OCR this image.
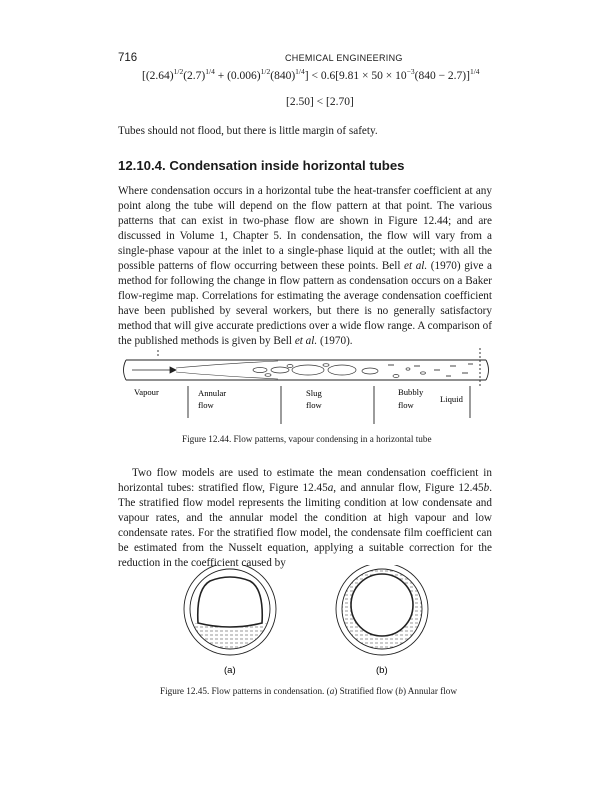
716	CHEMICAL ENGINEERING
$[(2.64)^{1/2}(2.7)^{1/4} + (0.006)^{1/2}(840)^{1/4}] < 0.6[9.81 \times 50 \times 10^{-3}(840 - 2.7)]^{1/4}$
[2.50] < [2.70]
Tubes should not flood, but there is little margin of safety.
12.10.4. Condensation inside horizontal tubes
Where condensation occurs in a horizontal tube the heat-transfer coefficient at any point along the tube will depend on the flow pattern at that point. The various patterns that can exist in two-phase flow are shown in Figure 12.44; and are discussed in Volume 1, Chapter 5. In condensation, the flow will vary from a single-phase vapour at the inlet to a single-phase liquid at the outlet; with all the possible patterns of flow occurring between these points. Bell et al. (1970) give a method for following the change in flow pattern as condensation occurs on a Baker flow-regime map. Correlations for estimating the average condensation coefficient have been published by several workers, but there is no generally satisfactory method that will give accurate predictions over a wide flow range. A comparison of the published methods is given by Bell et al. (1970).
Vapour	Annular
flow
Slug
flow
Bubbly
flow
Liquid
Figure 12.44. Flow patterns, vapour condensing in a horizontal tube
Two flow models are used to estimate the mean condensation coefficient in horizontal tubes: stratified flow, Figure 12.45a, and annular flow, Figure 12.45b. The stratified flow model represents the limiting condition at low condensate and vapour rates, and the annular model the condition at high vapour and low condensate rates. For the stratified flow model, the condensate film coefficient can be estimated from the Nusselt equation, applying a suitable correction for the reduction in the coefficient caused by
(a)	(b)
Figure 12.45. Flow patterns in condensation. (a) Stratified flow (b) Annular flow
